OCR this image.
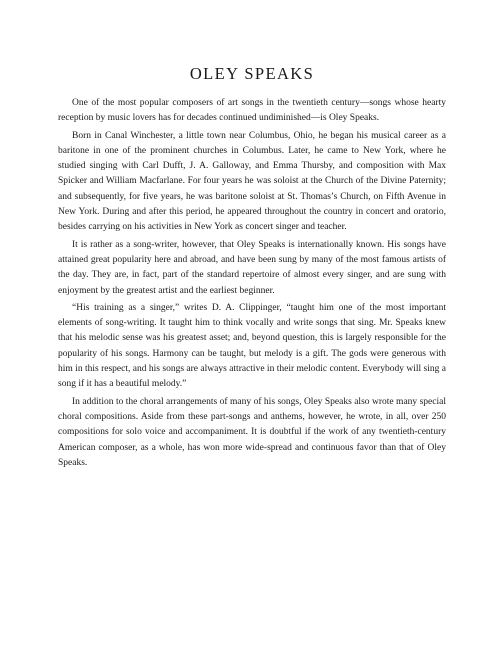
OLEY SPEAKS

One of the most popular composers of art songs in the twentieth century—songs whose hearty reception by music lovers has for decades continued undiminished—is Oley Speaks.

Born in Canal Winchester, a little town near Columbus, Ohio, he began his musical career as a baritone in one of the prominent churches in Columbus. Later, he came to New York, where he studied singing with Carl Dufft, J. A. Galloway, and Emma Thursby, and composition with Max Spicker and William Macfarlane. For four years he was soloist at the Church of the Divine Paternity; and subsequently, for five years, he was baritone soloist at St. Thomas’s Church, on Fifth Avenue in New York. During and after this period, he appeared throughout the country in concert and oratorio, besides carrying on his activities in New York as concert singer and teacher.

It is rather as a song-writer, however, that Oley Speaks is internationally known. His songs have attained great popularity here and abroad, and have been sung by many of the most famous artists of the day. They are, in fact, part of the standard repertoire of almost every singer, and are sung with enjoyment by the greatest artist and the earliest beginner.

“His training as a singer,” writes D. A. Clippinger, “taught him one of the most important elements of song-writing. It taught him to think vocally and write songs that sing. Mr. Speaks knew that his melodic sense was his greatest asset; and, beyond question, this is largely responsible for the popularity of his songs. Harmony can be taught, but melody is a gift. The gods were generous with him in this respect, and his songs are always attractive in their melodic content. Everybody will sing a song if it has a beautiful melody.”

In addition to the choral arrangements of many of his songs, Oley Speaks also wrote many special choral compositions. Aside from these part-songs and anthems, however, he wrote, in all, over 250 compositions for solo voice and accompaniment. It is doubtful if the work of any twentieth-century American composer, as a whole, has won more wide-spread and continuous favor than that of Oley Speaks.
